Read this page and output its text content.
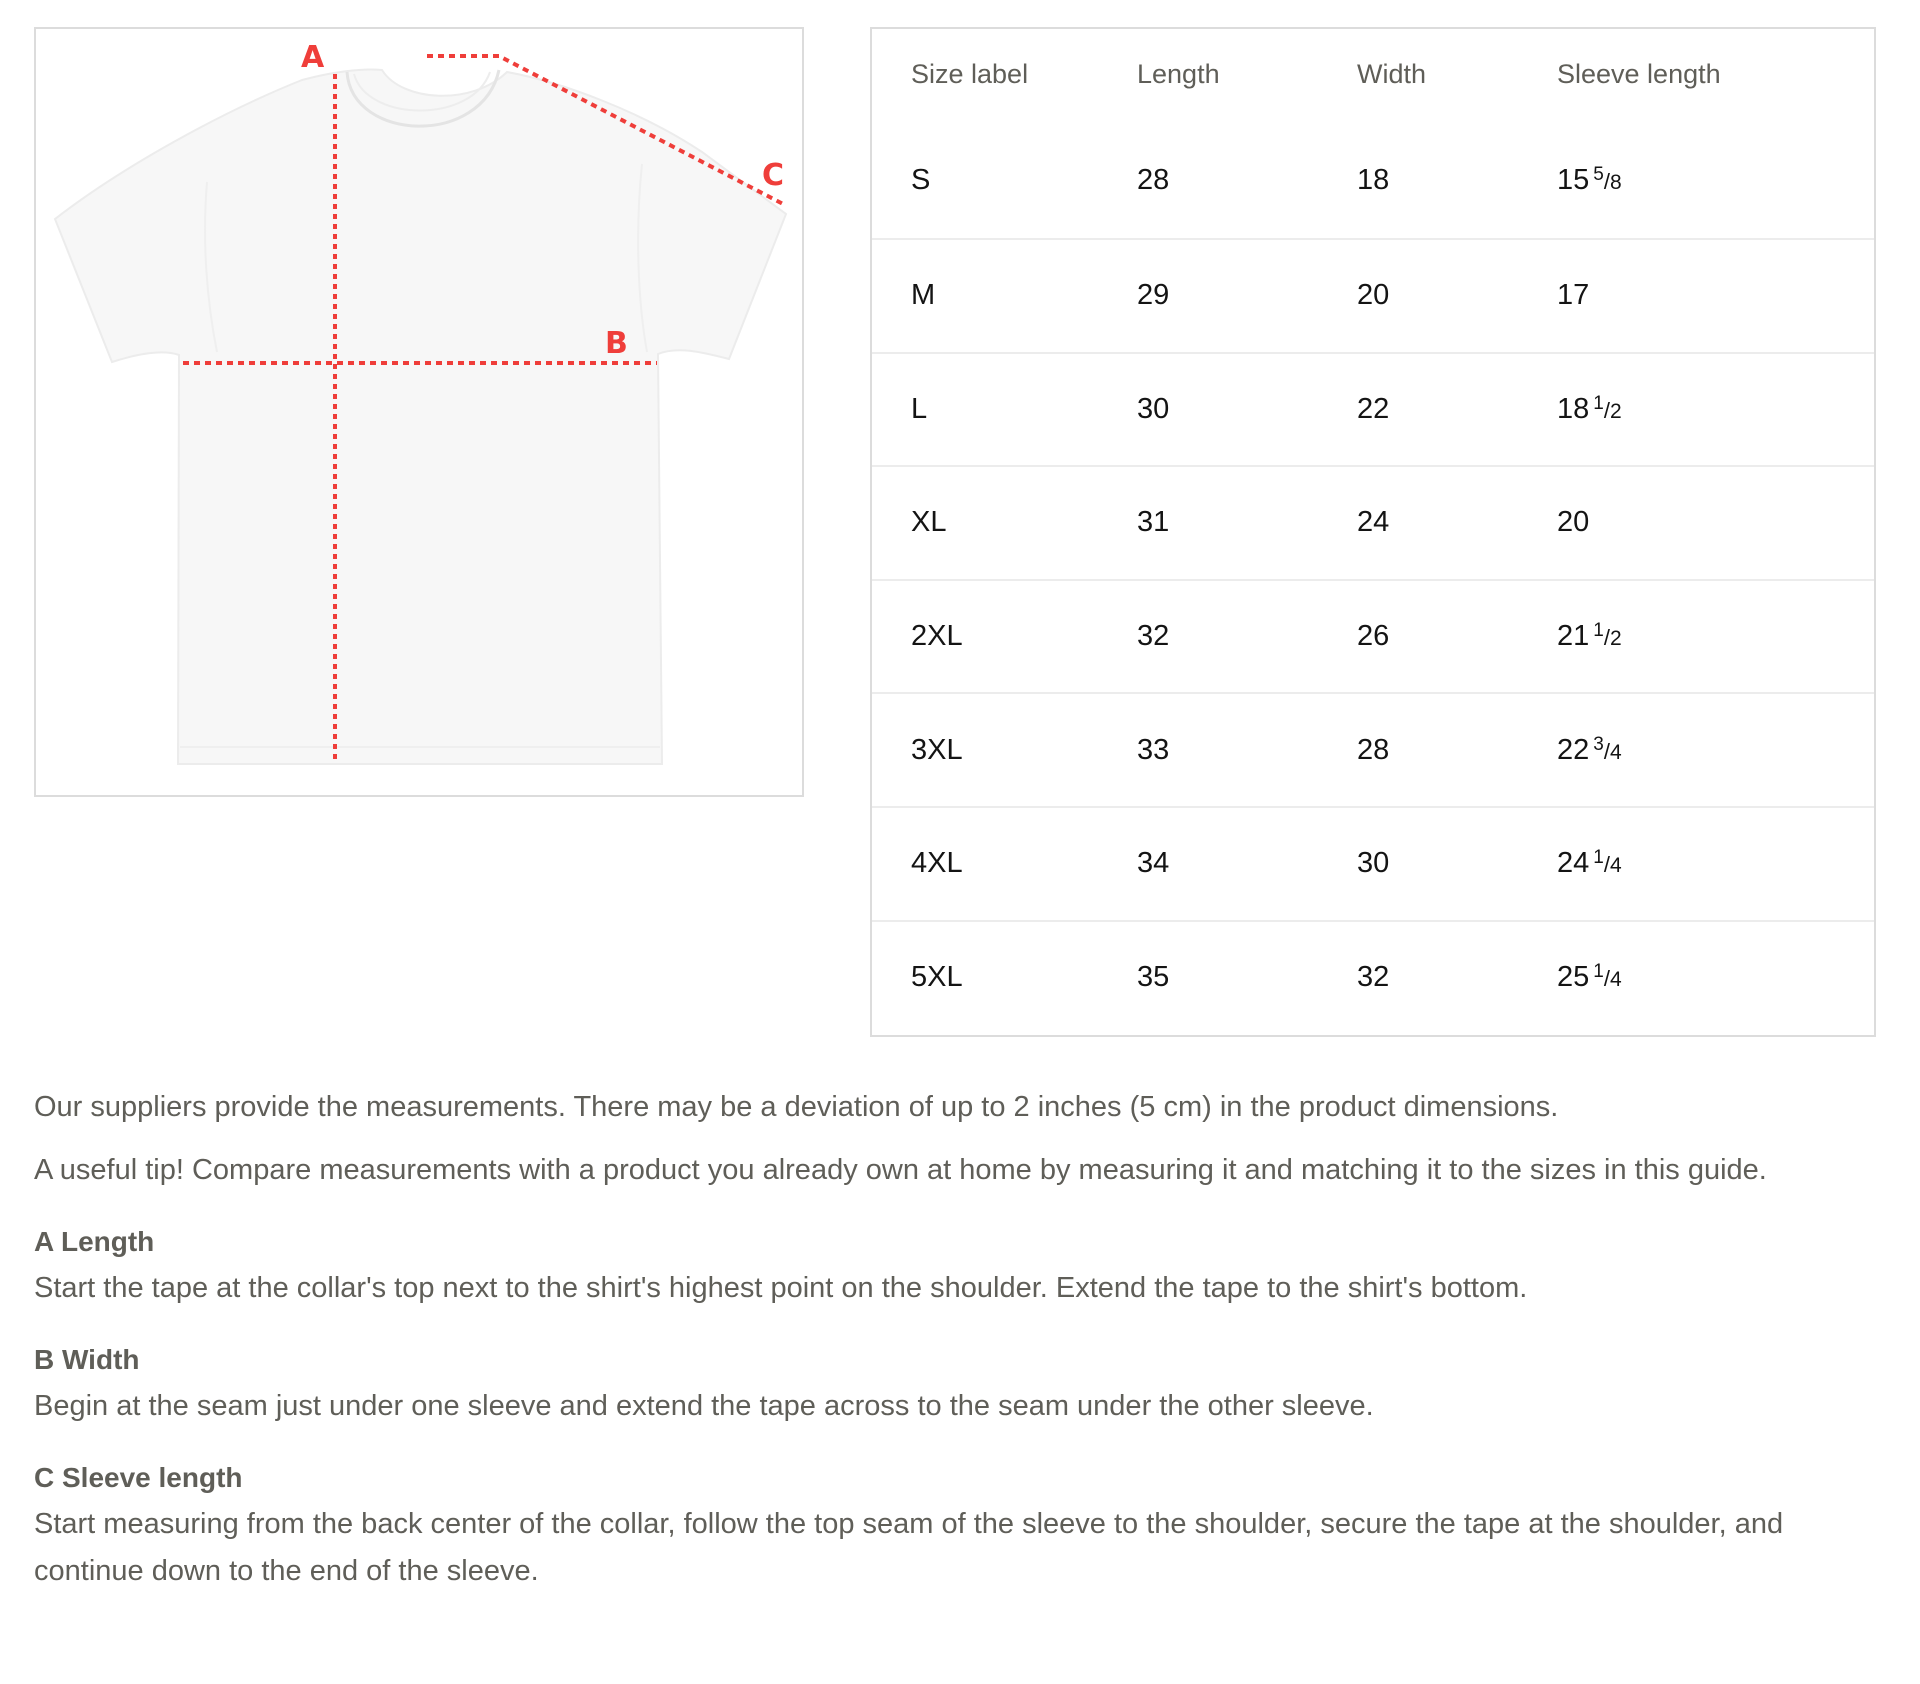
A
B
C
Size label	Length	Width	Sleeve length
S	28	18	15 $^5$/8
M	29	20	17
L	30	22	18 $^1$/2
XL	31	24	20
2XL	32	26	21 $^1$/2
3XL	33	28	22 $^3$/4
4XL	34	30	24 $^1$/4
5XL	35	32	25 $^1$/4

Our suppliers provide the measurements. There may be a deviation of up to 2 inches (5 cm) in the product dimensions.

A useful tip! Compare measurements with a product you already own at home by measuring it and matching it to the sizes in this guide.

A Length

Start the tape at the collar's top next to the shirt's highest point on the shoulder. Extend the tape to the shirt's bottom.

B Width

Begin at the seam just under one sleeve and extend the tape across to the seam under the other sleeve.

C Sleeve length

Start measuring from the back center of the collar, follow the top seam of the sleeve to the shoulder, secure the tape at the shoulder, and continue down to the end of the sleeve.
